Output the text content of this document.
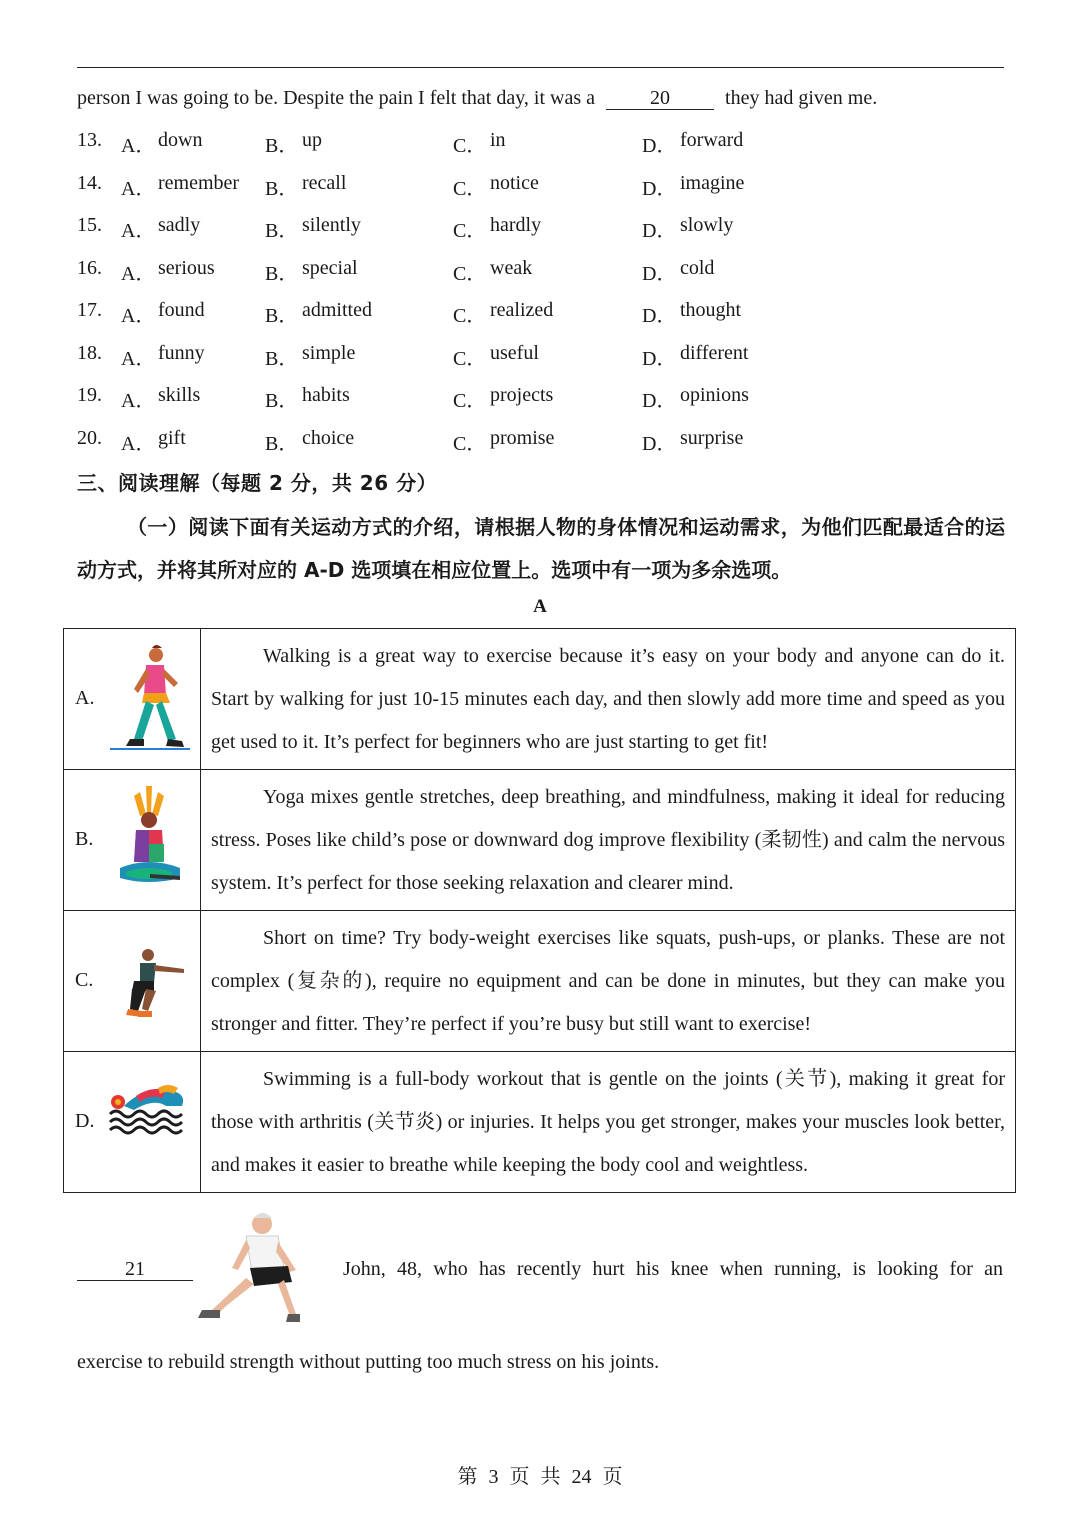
person I was going to be. Despite the pain I felt that day, it was a	20	they had given me.
13. A． down	B． up	C． in	D． forward
14. A． remember B． recall	C． notice	D． imagine
15. A． sadly	B． silently	C． hardly	D． slowly
16. A． serious	B． special	C． weak	D． cold
17. A． found	B． admitted	C． realized	D． thought
18. A． funny	B． simple	C． useful	D． different
19. A． skills	B． habits	C． projects	D． opinions
20. A． gift	B． choice	C． promise	D． surprise
三、阅读理解（每题 2 分，共 26 分）
（一）阅读下面有关运动方式的介绍，请根据人物的身体情况和运动需求，为他们匹配最适合的运动方式，并将其所对应的 A-D 选项填在相应位置上。选项中有一项为多余选项。
A
A.	Walking is a great way to exercise because it’s easy on your body and anyone can do it. Start by walking for just 10-15 minutes each day, and then slowly add more time and speed as you get used to it. It’s perfect for beginners who are just starting to get fit!

B.	Yoga mixes gentle stretches, deep breathing, and mindfulness, making it ideal for reducing stress. Poses like child’s pose or downward dog improve flexibility (柔韧性) and calm the nervous system. It’s perfect for those seeking relaxation and clearer mind.

C.	Short on time? Try body-weight exercises like squats, push-ups, or planks. These are not complex (复杂的), require no equipment and can be done in minutes, but they can make you stronger and fitter. They’re perfect if you’re busy but still want to exercise!

D.	Swimming is a full-body workout that is gentle on the joints (关节), making it great for those with arthritis (关节炎) or injuries. It helps you get stronger, makes your muscles look better, and makes it easier to breathe while keeping the body cool and weightless.

21	John, 48, who has recently hurt his knee when running, is looking for an
exercise to rebuild strength without putting too much stress on his joints.
第 3 页 共 24 页
